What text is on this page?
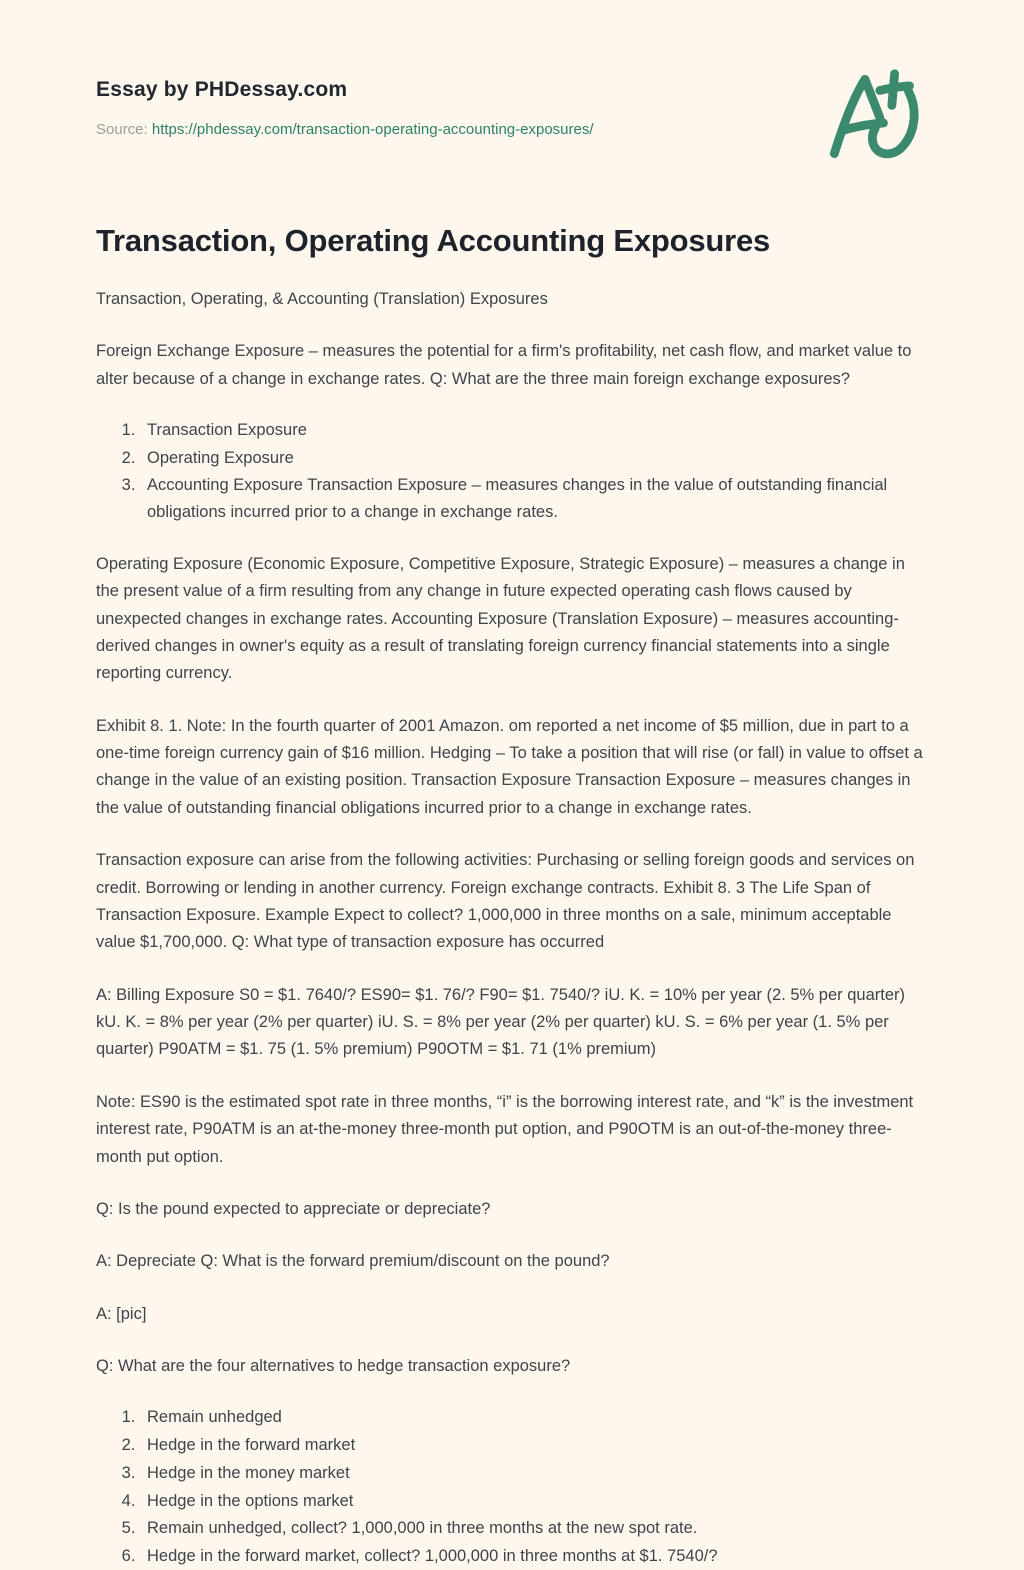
Essay by PHDessay.com

Source: https://phdessay.com/transaction-operating-accounting-exposures/

Transaction, Operating Accounting Exposures

Transaction, Operating, & Accounting (Translation) Exposures

Foreign Exchange Exposure – measures the potential for a firm's profitability, net cash flow, and market value to alter because of a change in exchange rates. Q: What are the three main foreign exchange exposures?

1. Transaction Exposure
2. Operating Exposure
3. Accounting Exposure Transaction Exposure – measures changes in the value of outstanding financial obligations incurred prior to a change in exchange rates.

Operating Exposure (Economic Exposure, Competitive Exposure, Strategic Exposure) – measures a change in the present value of a firm resulting from any change in future expected operating cash flows caused by unexpected changes in exchange rates. Accounting Exposure (Translation Exposure) – measures accounting-derived changes in owner's equity as a result of translating foreign currency financial statements into a single reporting currency.

Exhibit 8. 1. Note: In the fourth quarter of 2001 Amazon. om reported a net income of $5 million, due in part to a one-time foreign currency gain of $16 million. Hedging – To take a position that will rise (or fall) in value to offset a change in the value of an existing position. Transaction Exposure Transaction Exposure – measures changes in the value of outstanding financial obligations incurred prior to a change in exchange rates.

Transaction exposure can arise from the following activities: Purchasing or selling foreign goods and services on credit. Borrowing or lending in another currency. Foreign exchange contracts. Exhibit 8. 3 The Life Span of Transaction Exposure. Example Expect to collect? 1,000,000 in three months on a sale, minimum acceptable value $1,700,000. Q: What type of transaction exposure has occurred

A: Billing Exposure S0 = $1. 7640/? ES90= $1. 76/? F90= $1. 7540/? iU. K. = 10% per year (2. 5% per quarter) kU. K. = 8% per year (2% per quarter) iU. S. = 8% per year (2% per quarter) kU. S. = 6% per year (1. 5% per quarter) P90ATM = $1. 75 (1. 5% premium) P90OTM = $1. 71 (1% premium)

Note: ES90 is the estimated spot rate in three months, “i” is the borrowing interest rate, and “k” is the investment interest rate, P90ATM is an at-the-money three-month put option, and P90OTM is an out-of-the-money three-month put option.

Q: Is the pound expected to appreciate or depreciate?

A: Depreciate Q: What is the forward premium/discount on the pound?

A: [pic]

Q: What are the four alternatives to hedge transaction exposure?

1. Remain unhedged
2. Hedge in the forward market
3. Hedge in the money market
4. Hedge in the options market
5. Remain unhedged, collect? 1,000,000 in three months at the new spot rate.
6. Hedge in the forward market, collect? 1,000,000 in three months at $1. 7540/?
